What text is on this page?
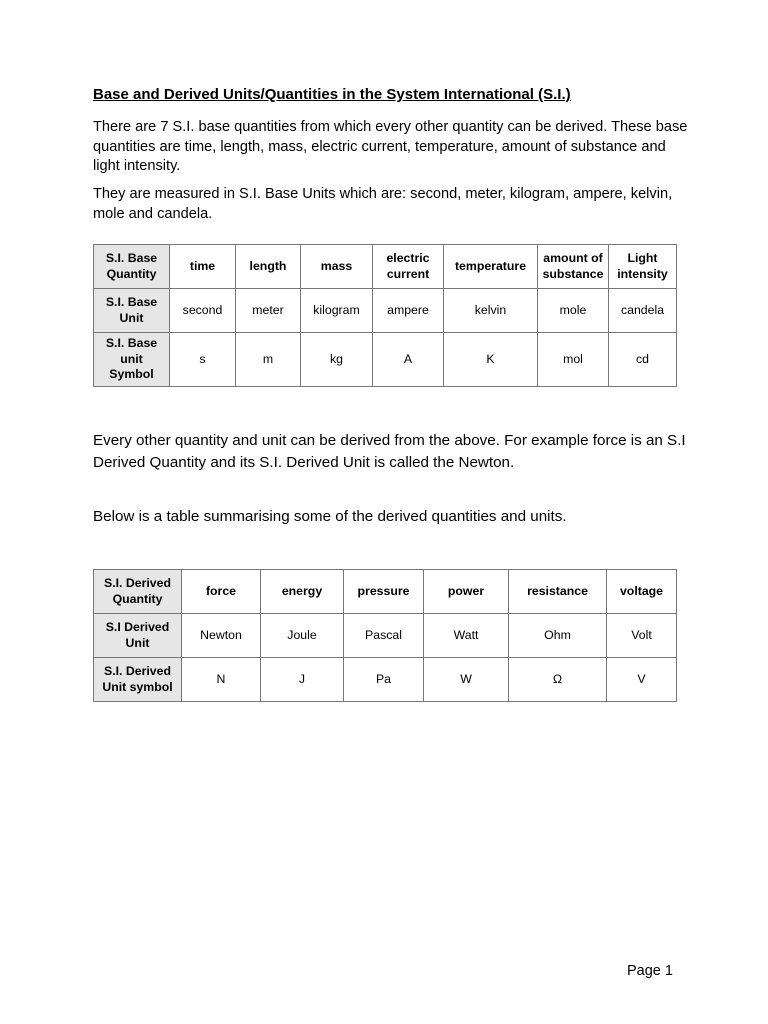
Base and Derived Units/Quantities in the System International (S.I.)
There are 7 S.I. base quantities from which every other quantity can be derived. These base quantities are time, length, mass, electric current, temperature, amount of substance and light intensity.
They are measured in S.I. Base Units which are: second, meter, kilogram, ampere, kelvin, mole and candela.
S.I. Base Quantity	time	length	mass	electric current	temperature	amount of substance	Light intensity
S.I. Base Unit	second	meter	kilogram	ampere	kelvin	mole	candela
S.I. Base unit Symbol	s	m	kg	A	K	mol	cd
Every other quantity and unit can be derived from the above. For example force is an S.I Derived Quantity and its S.I. Derived Unit is called the Newton.
Below is a table summarising some of the derived quantities and units.
S.I. Derived Quantity	force	energy	pressure	power	resistance	voltage
S.I Derived Unit	Newton	Joule	Pascal	Watt	Ohm	Volt
S.I. Derived Unit symbol	N	J	Pa	W	Ω	V
Page 1
